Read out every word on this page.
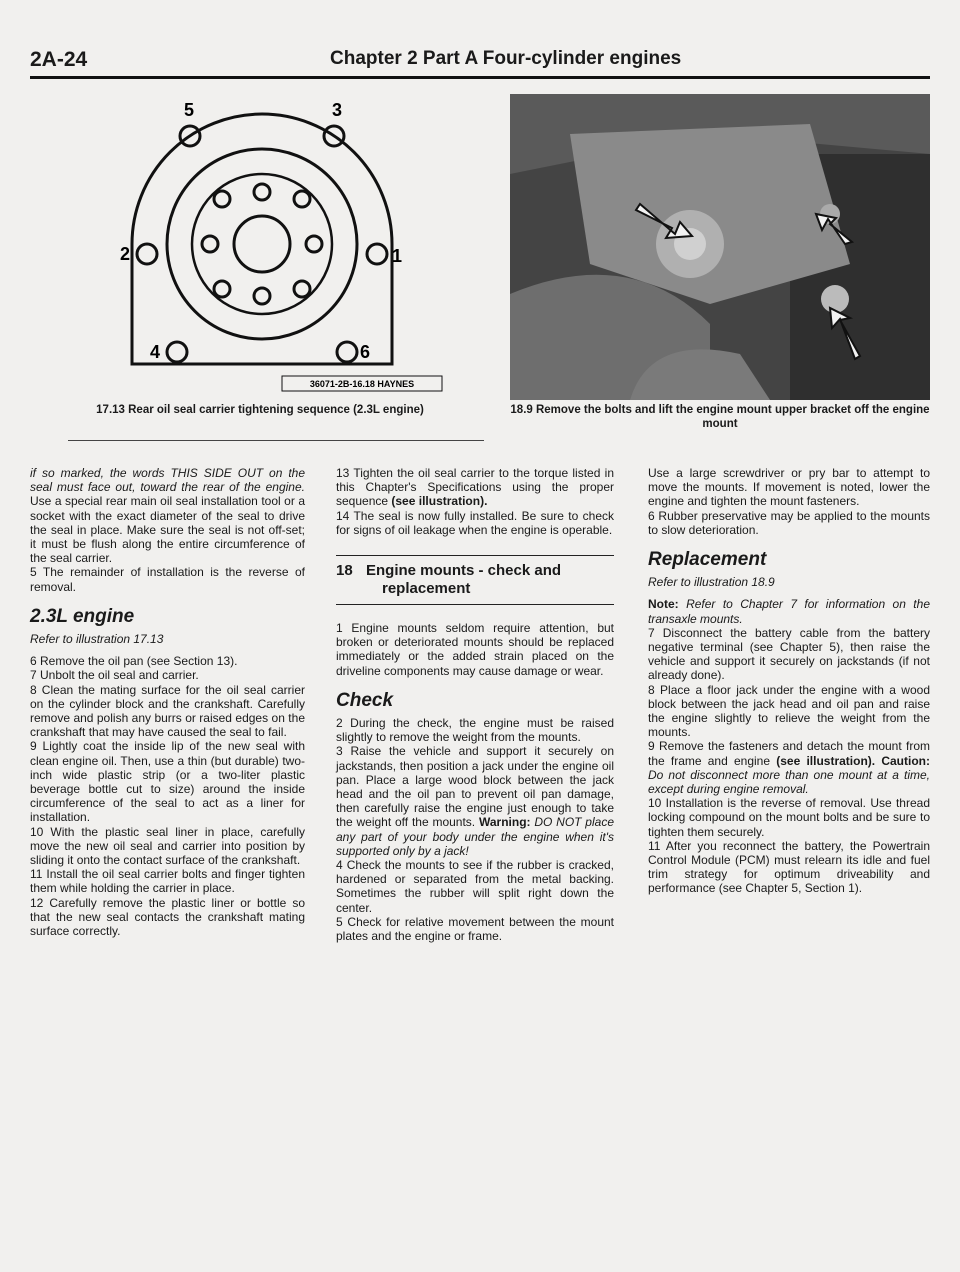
2A-24	Chapter 2 Part A Four-cylinder engines
5	3
2	1
4	6
36071-2B-16.18 HAYNES
17.13 Rear oil seal carrier tightening sequence (2.3L engine)	18.9 Remove the bolts and lift the engine mount upper bracket off the engine mount

if so marked, the words THIS SIDE OUT on the seal must face out, toward the rear of the engine. Use a special rear main oil seal installation tool or a socket with the exact diameter of the seal to drive the seal in place. Make sure the seal is not off-set; it must be flush along the entire circumference of the seal carrier.

5 The remainder of installation is the reverse of removal.

2.3L engine
Refer to illustration 17.13

6 Remove the oil pan (see Section 13).

7 Unbolt the oil seal and carrier.

8 Clean the mating surface for the oil seal carrier on the cylinder block and the crankshaft. Carefully remove and polish any burrs or raised edges on the crankshaft that may have caused the seal to fail.

9 Lightly coat the inside lip of the new seal with clean engine oil. Then, use a thin (but durable) two-inch wide plastic strip (or a two-liter plastic beverage bottle cut to size) around the inside circumference of the seal to act as a liner for installation.

10 With the plastic seal liner in place, carefully move the new oil seal and carrier into position by sliding it onto the contact surface of the crankshaft.

11 Install the oil seal carrier bolts and finger tighten them while holding the carrier in place.

12 Carefully remove the plastic liner or bottle so that the new seal contacts the crankshaft mating surface correctly.

13 Tighten the oil seal carrier to the torque listed in this Chapter's Specifications using the proper sequence (see illustration).

14 The seal is now fully installed. Be sure to check for signs of oil leakage when the engine is operable.

18 Engine mounts - check and
replacement

1 Engine mounts seldom require attention, but broken or deteriorated mounts should be replaced immediately or the added strain placed on the driveline components may cause damage or wear.

Check

2 During the check, the engine must be raised slightly to remove the weight from the mounts.

3 Raise the vehicle and support it securely on jackstands, then position a jack under the engine oil pan. Place a large wood block between the jack head and the oil pan to prevent oil pan damage, then carefully raise the engine just enough to take the weight off the mounts. Warning: DO NOT place any part of your body under the engine when it's supported only by a jack!

4 Check the mounts to see if the rubber is cracked, hardened or separated from the metal backing. Sometimes the rubber will split right down the center.

5 Check for relative movement between the mount plates and the engine or frame.

Use a large screwdriver or pry bar to attempt to move the mounts. If movement is noted, lower the engine and tighten the mount fasteners.

6 Rubber preservative may be applied to the mounts to slow deterioration.

Replacement
Refer to illustration 18.9

Note: Refer to Chapter 7 for information on the transaxle mounts.

7 Disconnect the battery cable from the battery negative terminal (see Chapter 5), then raise the vehicle and support it securely on jackstands (if not already done).

8 Place a floor jack under the engine with a wood block between the jack head and oil pan and raise the engine slightly to relieve the weight from the mounts.

9 Remove the fasteners and detach the mount from the frame and engine (see illustration). Caution: Do not disconnect more than one mount at a time, except during engine removal.

10 Installation is the reverse of removal. Use thread locking compound on the mount bolts and be sure to tighten them securely.

11 After you reconnect the battery, the Powertrain Control Module (PCM) must relearn its idle and fuel trim strategy for optimum driveability and performance (see Chapter 5, Section 1).
